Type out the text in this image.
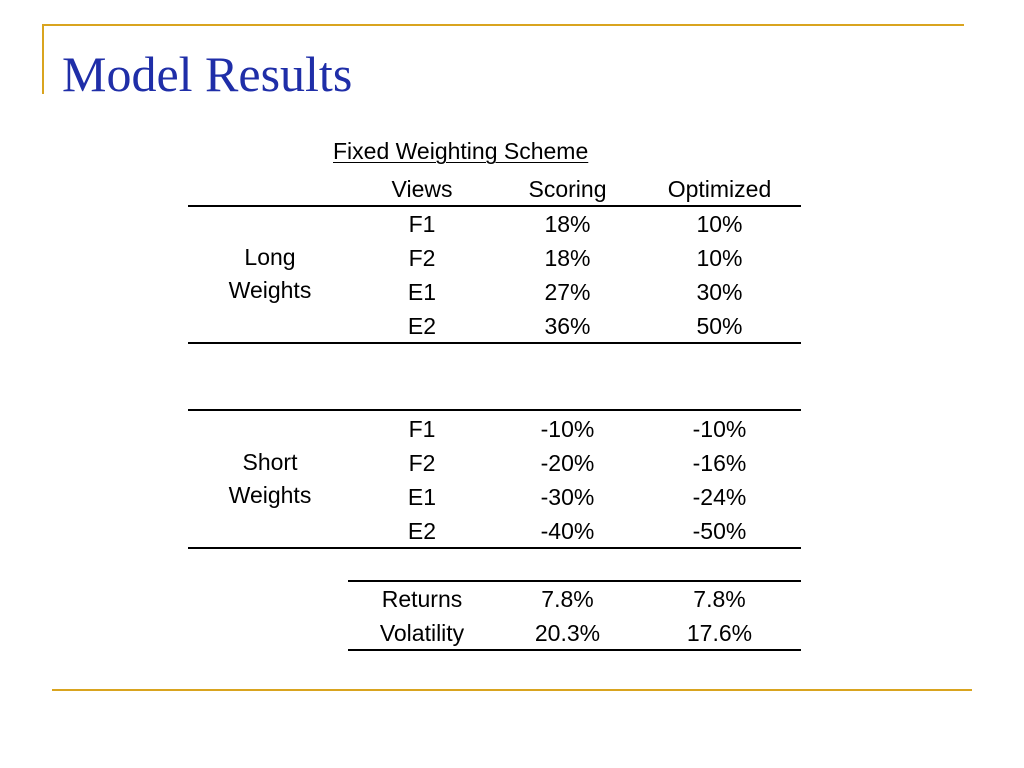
Model Results
Fixed Weighting Scheme
Views	Scoring	Optimized
Long
Weights
F1	18%	10%
F2	18%	10%
E1	27%	30%
E2	36%	50%
Short
Weights
F1	-10%	-10%
F2	-20%	-16%
E1	-30%	-24%
E2	-40%	-50%
Returns	7.8%	7.8%
Volatility	20.3%	17.6%
